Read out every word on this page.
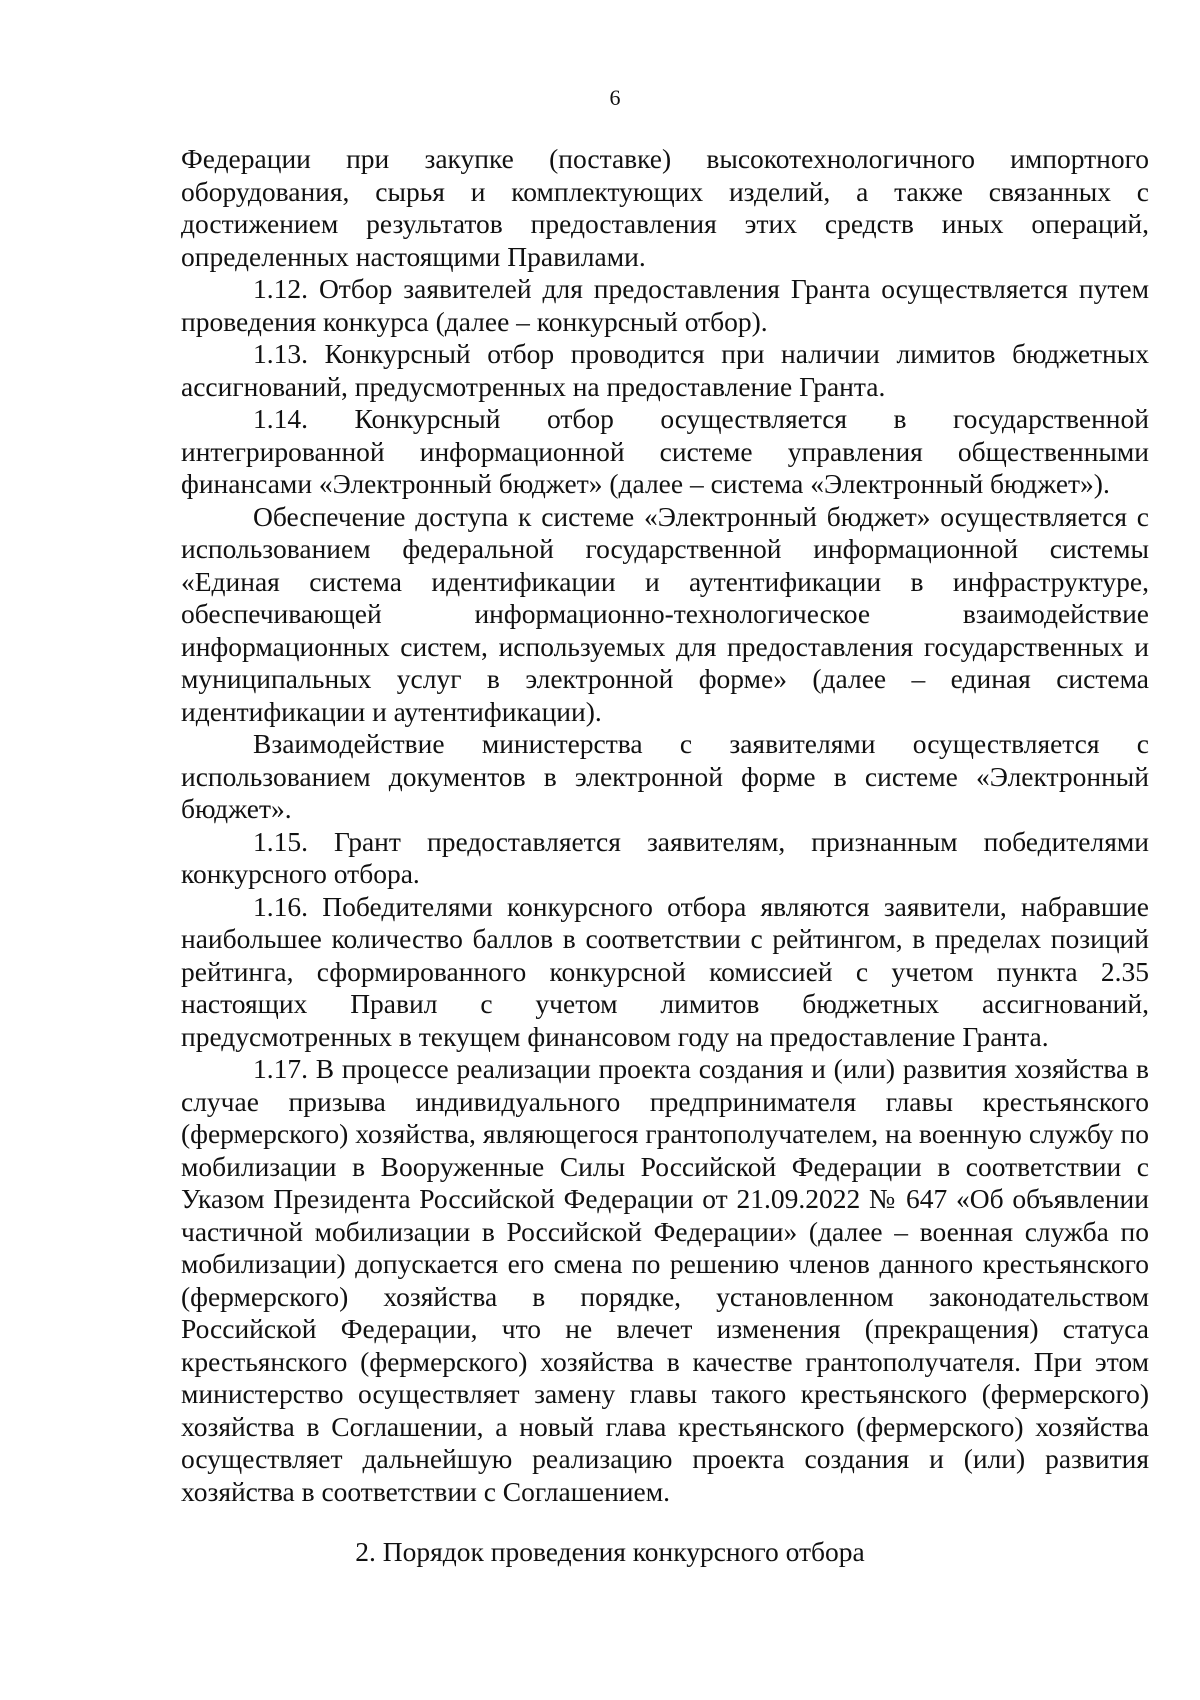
6

Федерации при закупке (поставке) высокотехнологичного импортного оборудования, сырья и комплектующих изделий, а также связанных с достижением результатов предоставления этих средств иных операций, определенных настоящими Правилами.

1.12. Отбор заявителей для предоставления Гранта осуществляется путем проведения конкурса (далее – конкурсный отбор).

1.13. Конкурсный отбор проводится при наличии лимитов бюджетных ассигнований, предусмотренных на предоставление Гранта.

1.14. Конкурсный отбор осуществляется в государственной интегрированной информационной системе управления общественными финансами «Электронный бюджет» (далее – система «Электронный бюджет»).

Обеспечение доступа к системе «Электронный бюджет» осуществляется с использованием федеральной государственной информационной системы «Единая система идентификации и аутентификации в инфраструктуре, обеспечивающей информационно-технологическое взаимодействие информационных систем, используемых для предоставления государственных и муниципальных услуг в электронной форме» (далее – единая система идентификации и аутентификации).

Взаимодействие министерства с заявителями осуществляется с использованием документов в электронной форме в системе «Электронный бюджет».

1.15. Грант предоставляется заявителям, признанным победителями конкурсного отбора.

1.16. Победителями конкурсного отбора являются заявители, набравшие наибольшее количество баллов в соответствии с рейтингом, в пределах позиций рейтинга, сформированного конкурсной комиссией с учетом пункта 2.35 настоящих Правил с учетом лимитов бюджетных ассигнований, предусмотренных в текущем финансовом году на предоставление Гранта.

1.17. В процессе реализации проекта создания и (или) развития хозяйства в случае призыва индивидуального предпринимателя главы крестьянского (фермерского) хозяйства, являющегося грантополучателем, на военную службу по мобилизации в Вооруженные Силы Российской Федерации в соответствии с Указом Президента Российской Федерации от 21.09.2022 № 647 «Об объявлении частичной мобилизации в Российской Федерации» (далее – военная служба по мобилизации) допускается его смена по решению членов данного крестьянского (фермерского) хозяйства в порядке, установленном законодательством Российской Федерации, что не влечет изменения (прекращения) статуса крестьянского (фермерского) хозяйства в качестве грантополучателя. При этом министерство осуществляет замену главы такого крестьянского (фермерского) хозяйства в Соглашении, а новый глава крестьянского (фермерского) хозяйства осуществляет дальнейшую реализацию проекта создания и (или) развития хозяйства в соответствии с Соглашением.

2. Порядок проведения конкурсного отбора
